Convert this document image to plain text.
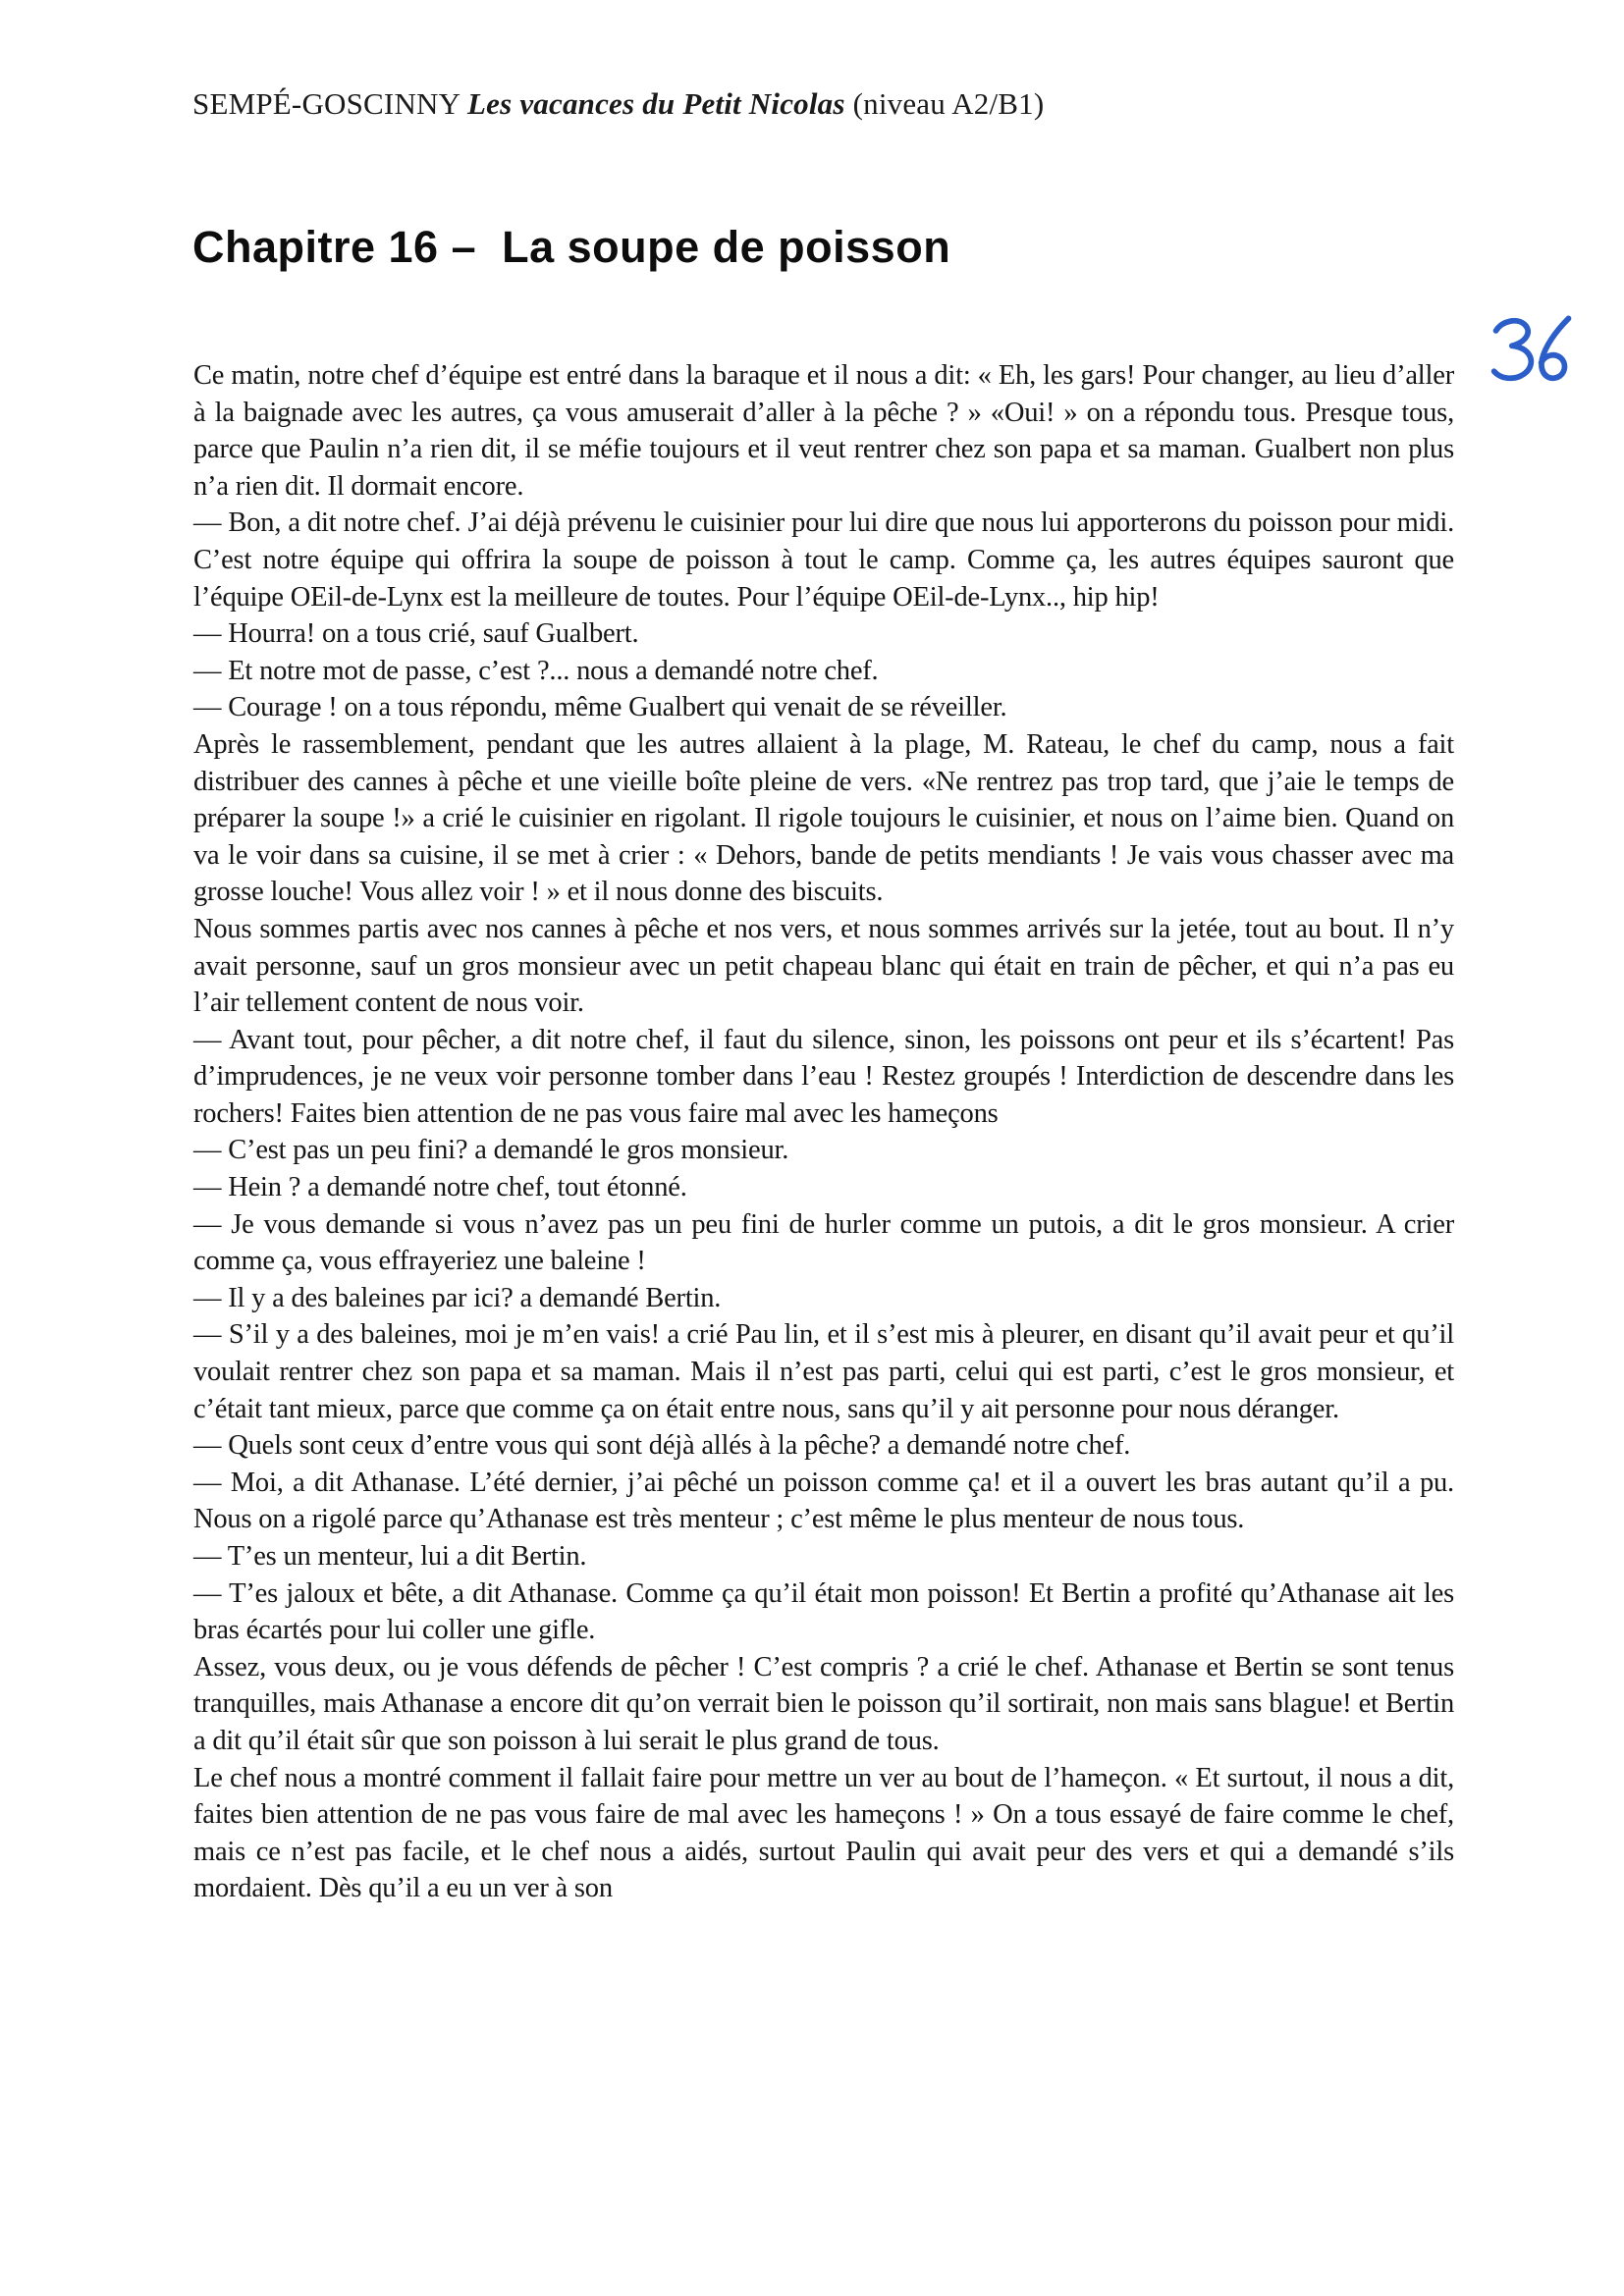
SEMPÉ-GOSCINNY Les vacances du Petit Nicolas (niveau A2/B1)
Chapitre 16 –  La soupe de poisson

Ce matin, notre chef d’équipe est entré dans la baraque et il nous a dit: « Eh, les gars! Pour changer, au lieu d’aller à la baignade avec les autres, ça vous amuserait d’aller à la pêche ? » «Oui! » on a répondu tous. Presque tous, parce que Paulin n’a rien dit, il se méfie toujours et il veut rentrer chez son papa et sa maman. Gualbert non plus n’a rien dit. Il dormait encore.

— Bon, a dit notre chef. J’ai déjà prévenu le cuisinier pour lui dire que nous lui apporterons du poisson pour midi. C’est notre équipe qui offrira la soupe de poisson à tout le camp. Comme ça, les autres équipes sauront que l’équipe OEil-de-Lynx est la meilleure de toutes. Pour l’équipe OEil-de-Lynx.., hip hip!

— Hourra! on a tous crié, sauf Gualbert.

— Et notre mot de passe, c’est ?... nous a demandé notre chef.

— Courage ! on a tous répondu, même Gualbert qui venait de se réveiller.

Après le rassemblement, pendant que les autres allaient à la plage, M. Rateau, le chef du camp, nous a fait distribuer des cannes à pêche et une vieille boîte pleine de vers. «Ne rentrez pas trop tard, que j’aie le temps de préparer la soupe !» a crié le cuisinier en rigolant. Il rigole toujours le cuisinier, et nous on l’aime bien. Quand on va le voir dans sa cuisine, il se met à crier : « Dehors, bande de petits mendiants ! Je vais vous chasser avec ma grosse louche! Vous allez voir ! » et il nous donne des biscuits.

Nous sommes partis avec nos cannes à pêche et nos vers, et nous sommes arrivés sur la jetée, tout au bout. Il n’y avait personne, sauf un gros monsieur avec un petit chapeau blanc qui était en train de pêcher, et qui n’a pas eu l’air tellement content de nous voir.

— Avant tout, pour pêcher, a dit notre chef, il faut du silence, sinon, les poissons ont peur et ils s’écartent! Pas d’imprudences, je ne veux voir personne tomber dans l’eau ! Restez groupés ! Interdiction de descendre dans les rochers! Faites bien attention de ne pas vous faire mal avec les hameçons

— C’est pas un peu fini? a demandé le gros monsieur.

— Hein ? a demandé notre chef, tout étonné.

— Je vous demande si vous n’avez pas un peu fini de hurler comme un putois, a dit le gros monsieur. A crier comme ça, vous effrayeriez une baleine !

— Il y a des baleines par ici? a demandé Bertin.

— S’il y a des baleines, moi je m’en vais! a crié Pau lin, et il s’est mis à pleurer, en disant qu’il avait peur et qu’il voulait rentrer chez son papa et sa maman. Mais il n’est pas parti, celui qui est parti, c’est le gros monsieur, et c’était tant mieux, parce que comme ça on était entre nous, sans qu’il y ait personne pour nous déranger.

— Quels sont ceux d’entre vous qui sont déjà allés à la pêche? a demandé notre chef.

— Moi, a dit Athanase. L’été dernier, j’ai pêché un poisson comme ça! et il a ouvert les bras autant qu’il a pu. Nous on a rigolé parce qu’Athanase est très menteur ; c’est même le plus menteur de nous tous.

— T’es un menteur, lui a dit Bertin.

— T’es jaloux et bête, a dit Athanase. Comme ça qu’il était mon poisson! Et Bertin a profité qu’Athanase ait les bras écartés pour lui coller une gifle.

Assez, vous deux, ou je vous défends de pêcher ! C’est compris ? a crié le chef. Athanase et Bertin se sont tenus tranquilles, mais Athanase a encore dit qu’on verrait bien le poisson qu’il sortirait, non mais sans blague! et Bertin a dit qu’il était sûr que son poisson à lui serait le plus grand de tous.

Le chef nous a montré comment il fallait faire pour mettre un ver au bout de l’hameçon. « Et surtout, il nous a dit, faites bien attention de ne pas vous faire de mal avec les hameçons ! » On a tous essayé de faire comme le chef, mais ce n’est pas facile, et le chef nous a aidés, surtout Paulin qui avait peur des vers et qui a demandé s’ils mordaient. Dès qu’il a eu un ver à son
